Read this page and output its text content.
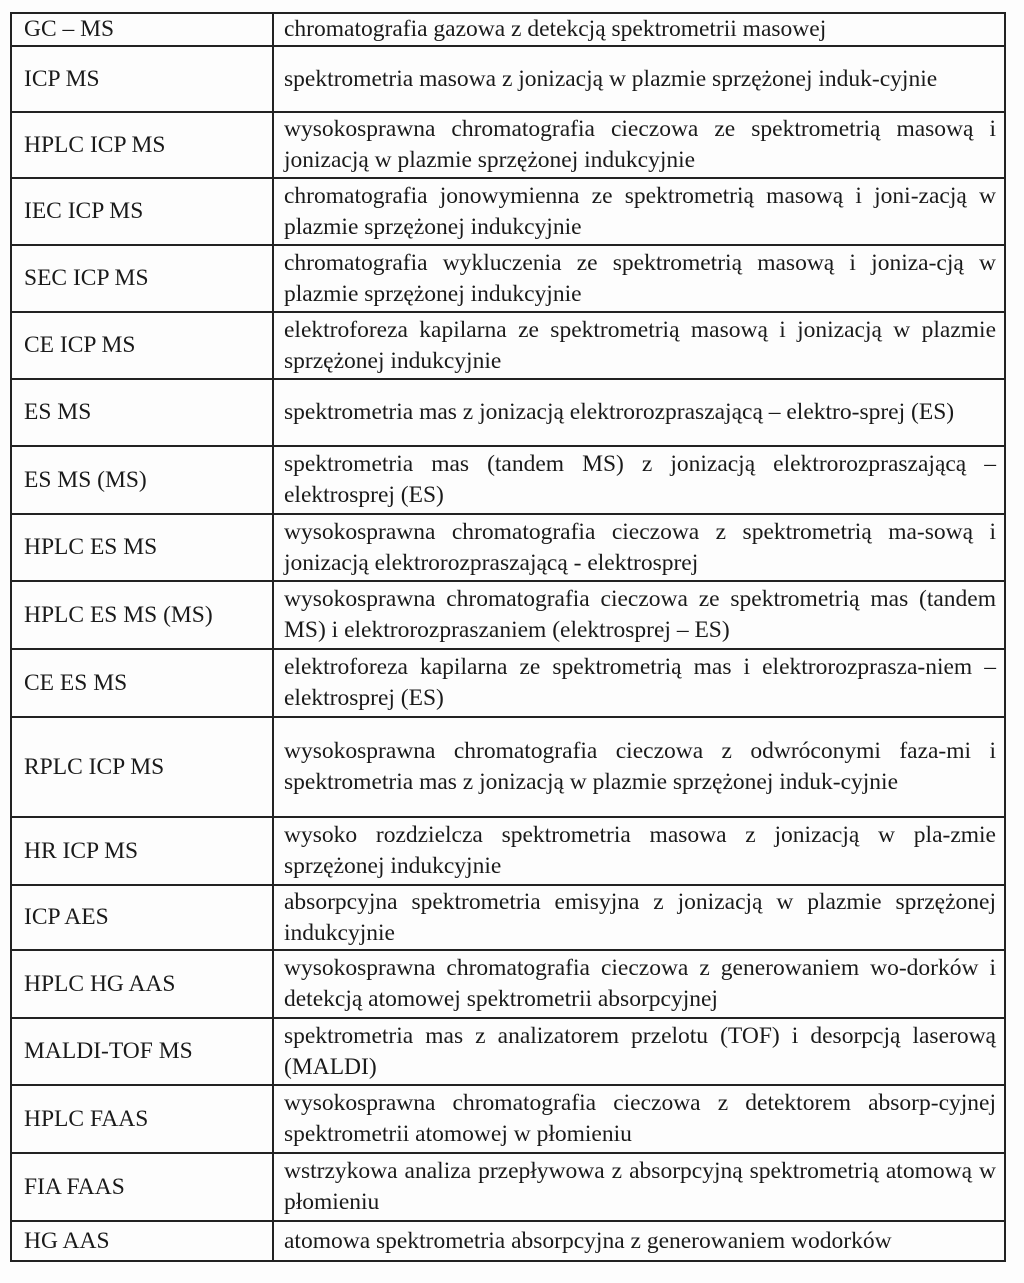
GC – MS	chromatografia gazowa z detekcją spektrometrii masowej
ICP MS	spektrometria masowa z jonizacją w plazmie sprzężonej induk-cyjnie
HPLC ICP MS	wysokosprawna chromatografia cieczowa ze spektrometrią masową i jonizacją w plazmie sprzężonej indukcyjnie
IEC ICP MS	chromatografia jonowymienna ze spektrometrią masową i joni-zacją w plazmie sprzężonej indukcyjnie
SEC ICP MS	chromatografia wykluczenia ze spektrometrią masową i joniza-cją w plazmie sprzężonej indukcyjnie
CE ICP MS	elektroforeza kapilarna ze spektrometrią masową i jonizacją w plazmie sprzężonej indukcyjnie
ES MS	spektrometria mas z jonizacją elektrorozpraszającą – elektro-sprej (ES)
ES MS (MS)	spektrometria mas (tandem MS) z jonizacją elektrorozpraszającą – elektrosprej (ES)
HPLC ES MS	wysokosprawna chromatografia cieczowa z spektrometrią ma-sową i jonizacją elektrorozpraszającą - elektrosprej
HPLC ES MS (MS)	wysokosprawna chromatografia cieczowa ze spektrometrią mas (tandem MS) i elektrorozpraszaniem (elektrosprej – ES)
CE ES MS	elektroforeza kapilarna ze spektrometrią mas i elektrorozprasza-niem – elektrosprej (ES)
RPLC ICP MS	wysokosprawna chromatografia cieczowa z odwróconymi faza-mi i spektrometria mas z jonizacją w plazmie sprzężonej induk-cyjnie
HR ICP MS	wysoko rozdzielcza spektrometria masowa z jonizacją w pla-zmie sprzężonej indukcyjnie
ICP AES	absorpcyjna spektrometria emisyjna z jonizacją w plazmie sprzężonej indukcyjnie
HPLC HG AAS	wysokosprawna chromatografia cieczowa z generowaniem wo-dorków i detekcją atomowej spektrometrii absorpcyjnej
MALDI-TOF MS	spektrometria mas z analizatorem przelotu (TOF) i desorpcją laserową (MALDI)
HPLC FAAS	wysokosprawna chromatografia cieczowa z detektorem absorp-cyjnej spektrometrii atomowej w płomieniu
FIA FAAS	wstrzykowa analiza przepływowa z absorpcyjną spektrometrią atomową w płomieniu
HG AAS	atomowa spektrometria absorpcyjna z generowaniem wodorków
